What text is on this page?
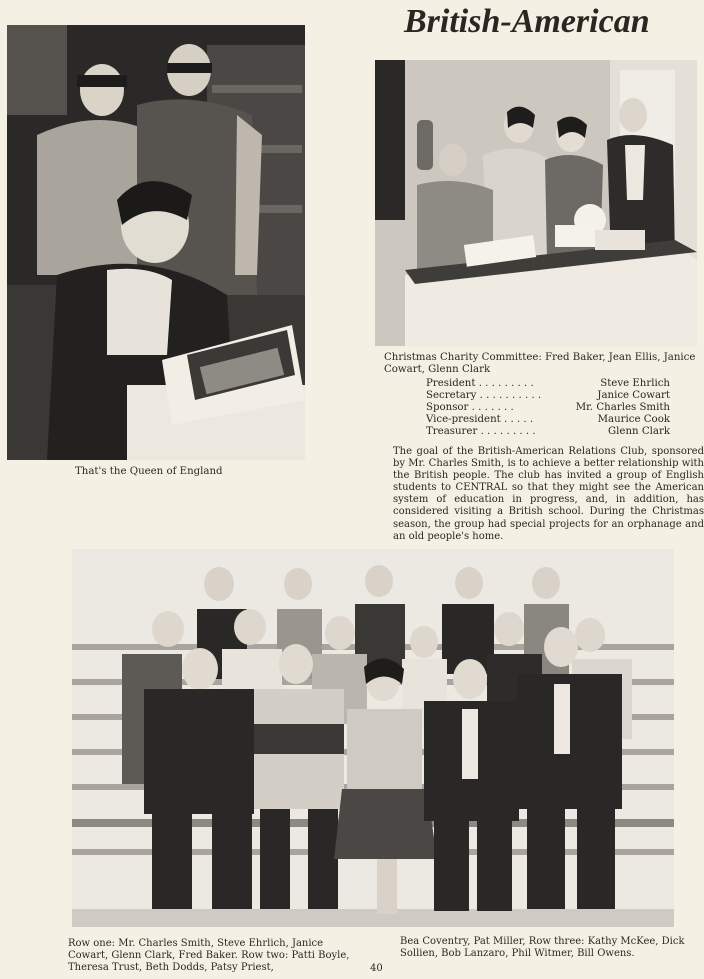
British-American
That's the Queen of England
Christmas Charity Committee: Fred Baker, Jean Ellis, Janice Cowart, Glenn Clark
President . . . . . . . . .	Steve Ehrlich
Secretary . . . . . . . . . .	Janice Cowart
Sponsor . . . . . . .	Mr. Charles Smith
Vice-president . . . . .	Maurice Cook
Treasurer . . . . . . . . .	Glenn Clark
The goal of the British-American Relations Club, sponsored by Mr. Charles Smith, is to achieve a better relationship with the British people. The club has invited a group of English students to CENTRAL so that they might see the American system of education in progress, and, in addition, has considered visiting a British school. During the Christmas season, the group had special projects for an orphanage and an old people's home.
Row one: Mr. Charles Smith, Steve Ehrlich, Janice Cowart, Glenn Clark, Fred Baker. Row two: Patti Boyle, Theresa Trust, Beth Dodds, Patsy Priest,
Bea Coventry, Pat Miller, Row three: Kathy McKee, Dick Sollien, Bob Lanzaro, Phil Witmer, Bill Owens.
40
